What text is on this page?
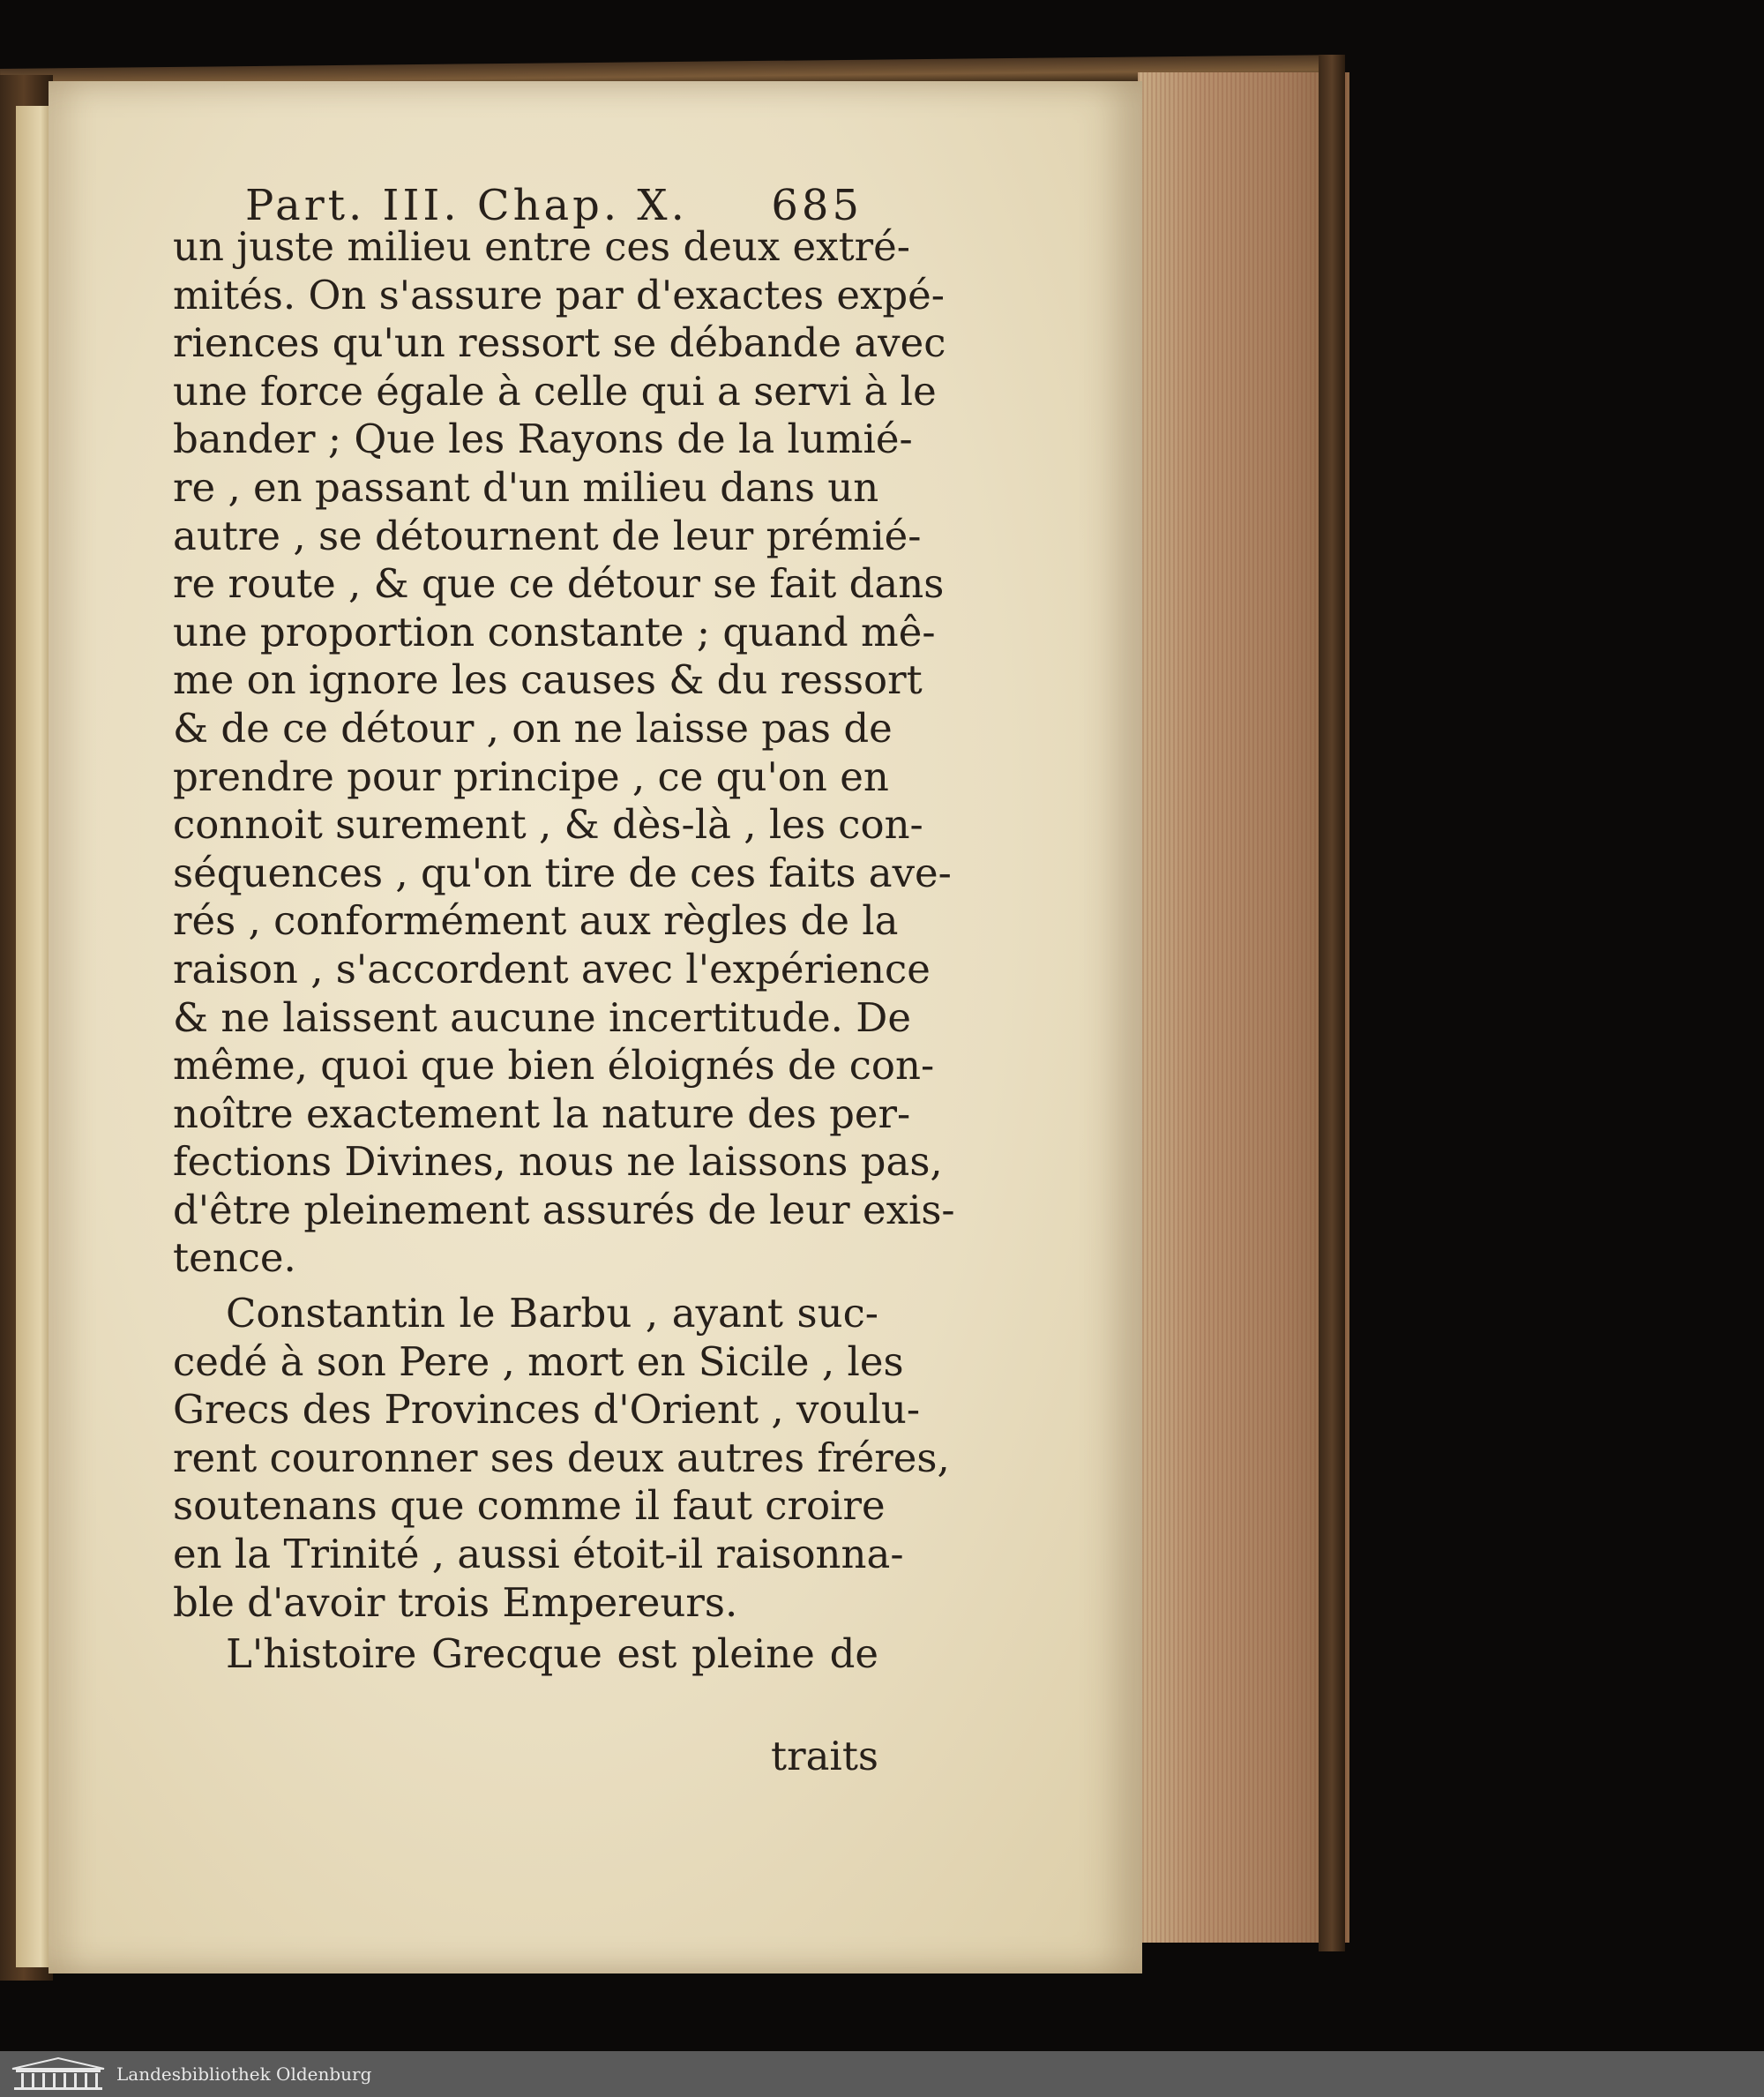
Part. III. Chap. X. 685
un juste milieu entre ces deux extré-
mités. On s'assure par d'exactes expé-
riences qu'un ressort se débande avec
une force égale à celle qui a servi à le
bander ; Que les Rayons de la lumié-
re , en passant d'un milieu dans un
autre , se détournent de leur prémié-
re route , & que ce détour se fait dans
une proportion constante ; quand mê-
me on ignore les causes & du ressort
& de ce détour , on ne laisse pas de
prendre pour principe , ce qu'on en
connoit surement , & dès-là , les con-
séquences , qu'on tire de ces faits ave-
rés , conformément aux règles de la
raison , s'accordent avec l'expérience
& ne laissent aucune incertitude. De
même, quoi que bien éloignés de con-
noître exactement la nature des per-
fections Divines, nous ne laissons pas,
d'être pleinement assurés de leur exis-
tence.
Constantin le Barbu , ayant suc-
cedé à son Pere , mort en Sicile , les
Grecs des Provinces d'Orient , voulu-
rent couronner ses deux autres fréres,
soutenans que comme il faut croire
en la Trinité , aussi étoit-il raisonna-
ble d'avoir trois Empereurs.
L'histoire Grecque est pleine de
traits
Landesbibliothek Oldenburg
